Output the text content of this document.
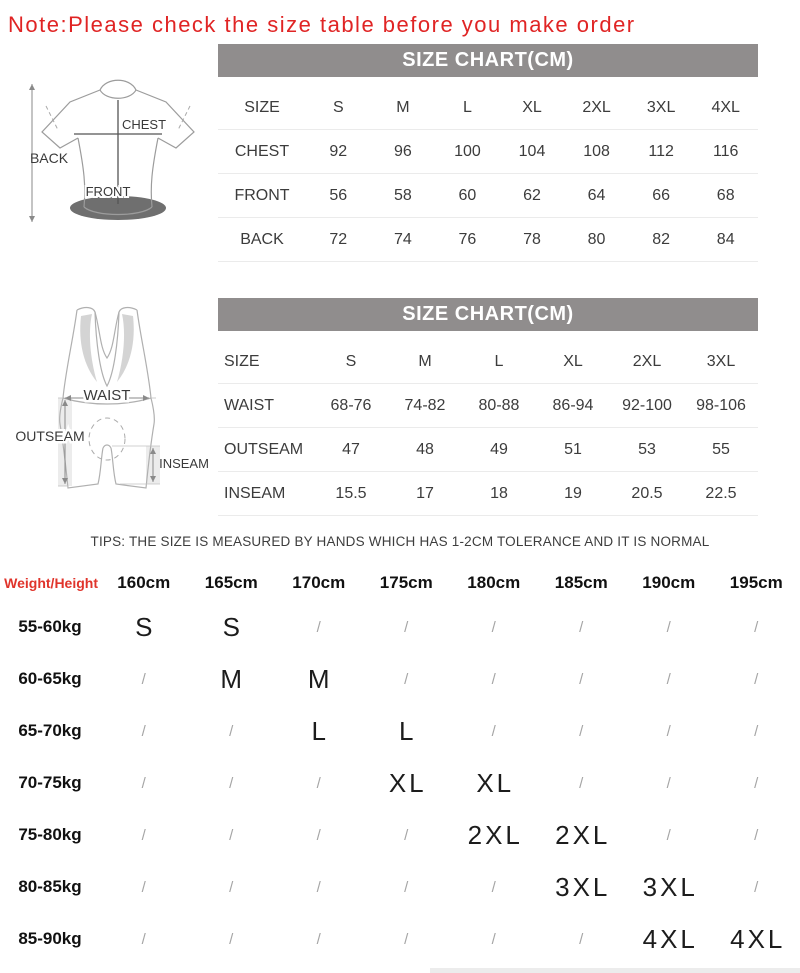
Note:Please check the size table before you make order
BACK
CHEST
FRONT
SIZE CHART(CM)
SIZE	S	M	L	XL	2XL	3XL	4XL
CHEST	92	96	100	104	108	112	116
FRONT	56	58	60	62	64	66	68
BACK	72	74	76	78	80	82	84
WAIST
OUTSEAM
INSEAM
SIZE CHART(CM)
SIZE	S	M	L	XL	2XL	3XL
WAIST	68-76	74-82	80-88	86-94	92-100	98-106
OUTSEAM	47	48	49	51	53	55
INSEAM	15.5	17	18	19	20.5	22.5
TIPS: THE SIZE IS MEASURED BY HANDS WHICH HAS 1-2CM TOLERANCE AND IT IS NORMAL
Weight/Height	160cm	165cm	170cm	175cm	180cm	185cm	190cm	195cm
55-60kg	S	S	/	/	/	/	/	/
60-65kg	/	M	M	/	/	/	/	/
65-70kg	/	/	L	L	/	/	/	/
70-75kg	/	/	/	XL	XL	/	/	/
75-80kg	/	/	/	/	2XL	2XL	/	/
80-85kg	/	/	/	/	/	3XL	3XL	/
85-90kg	/	/	/	/	/	/	4XL	4XL
